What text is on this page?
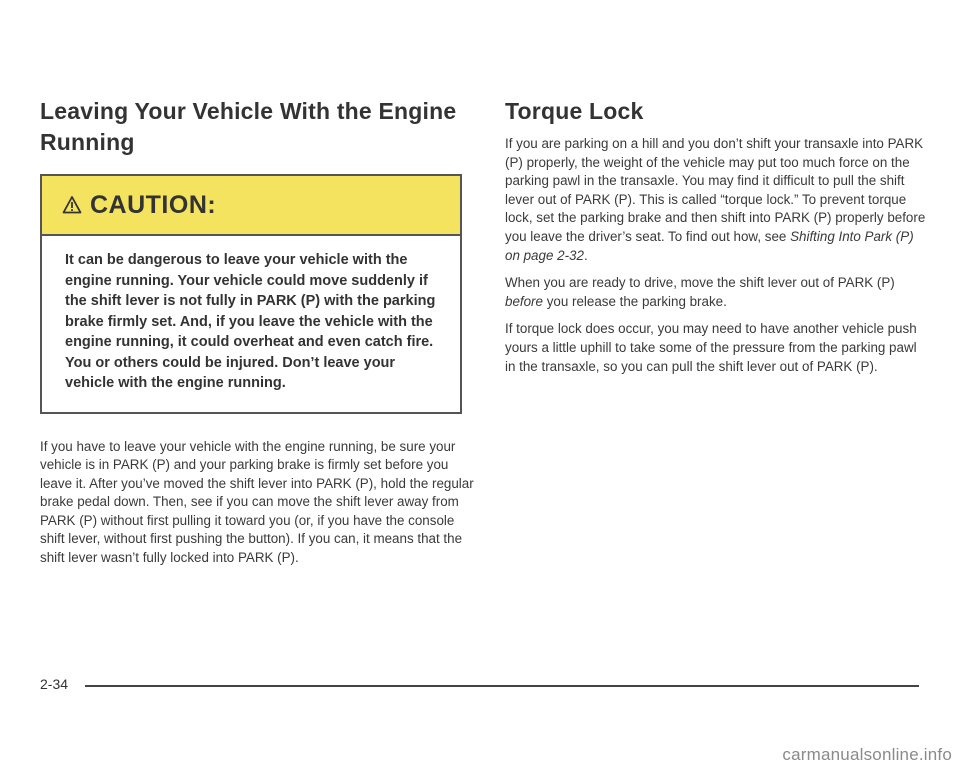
Leaving Your Vehicle With the Engine Running
CAUTION:

It can be dangerous to leave your vehicle with the engine running. Your vehicle could move suddenly if the shift lever is not fully in PARK (P) with the parking brake firmly set. And, if you leave the vehicle with the engine running, it could overheat and even catch fire. You or others could be injured. Don’t leave your vehicle with the engine running.

If you have to leave your vehicle with the engine running, be sure your vehicle is in PARK (P) and your parking brake is firmly set before you leave it. After you’ve moved the shift lever into PARK (P), hold the regular brake pedal down. Then, see if you can move the shift lever away from PARK (P) without first pulling it toward you (or, if you have the console shift lever, without first pushing the button). If you can, it means that the shift lever wasn’t fully locked into PARK (P).

Torque Lock

If you are parking on a hill and you don’t shift your transaxle into PARK (P) properly, the weight of the vehicle may put too much force on the parking pawl in the transaxle. You may find it difficult to pull the shift lever out of PARK (P). This is called “torque lock.” To prevent torque lock, set the parking brake and then shift into PARK (P) properly before you leave the driver’s seat. To find out how, see Shifting Into Park (P) on page 2-32.

When you are ready to drive, move the shift lever out of PARK (P) before you release the parking brake.

If torque lock does occur, you may need to have another vehicle push yours a little uphill to take some of the pressure from the parking pawl in the transaxle, so you can pull the shift lever out of PARK (P).

2-34
carmanualsonline.info
